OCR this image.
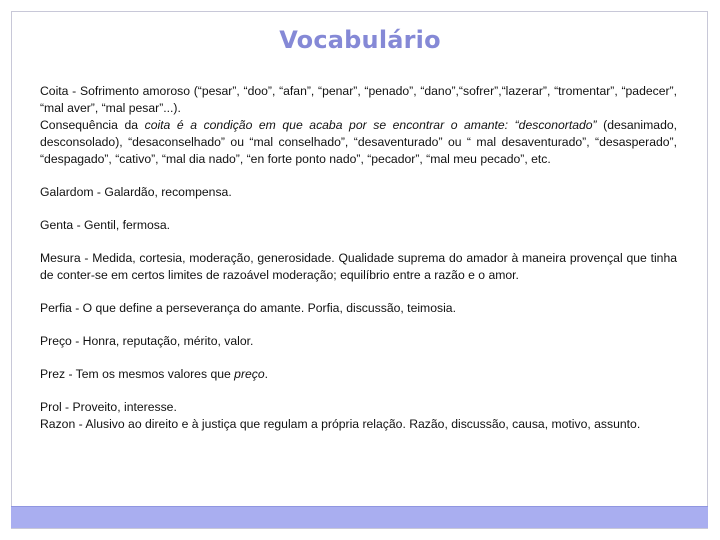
Vocabulário

Coita - Sofrimento amoroso (“pesar”, “doo”, “afan”, “penar”, “penado”, “dano”,“sofrer”,“lazerar”, “tromentar”, “padecer”, “mal aver”, “mal pesar”...).
Consequência da coita é a condição em que acaba por se encontrar o amante: “desconortado” (desanimado, desconsolado), “desaconselhado” ou “mal conselhado”, “desaventurado” ou “ mal desaventurado”, “desasperado”, “despagado”, “cativo”, “mal dia nado”, “en forte ponto nado”, “pecador”, “mal meu pecado”, etc.

Galardom - Galardão, recompensa.

Genta - Gentil, fermosa.

Mesura - Medida, cortesia, moderação, generosidade. Qualidade suprema do amador à maneira provençal que tinha de conter-se em certos limites de razoável moderação; equilíbrio entre a razão e o amor.

Perfia - O que define a perseverança do amante. Porfia, discussão, teimosia.

Preço - Honra, reputação, mérito, valor.

Prez - Tem os mesmos valores que preço.

Prol - Proveito, interesse.

Razon - Alusivo ao direito e à justiça que regulam a própria relação. Razão, discussão, causa, motivo, assunto.
